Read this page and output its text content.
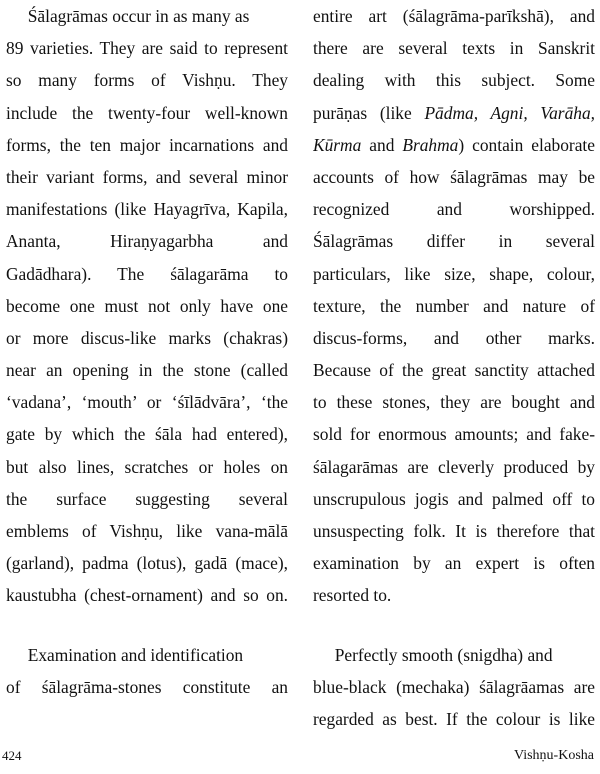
  Śālagrāmas occur in as many as
89 varieties. They are said to represent
so many forms of Vishṇu. They
include the twenty-four well-known
forms, the ten major incarnations and
their variant forms, and several minor
manifestations (like Hayagrīva, Kapila,
Ananta, Hiraṇyagarbha and
Gadādhara). The śālagarāma to
become one must not only have one
or more discus-like marks (chakras)
near an opening in the stone (called
‘vadana’, ‘mouth’ or ‘śīlādvāra’, ‘the
gate by which the śāla had entered),
but also lines, scratches or holes on
the surface suggesting several
emblems of Vishṇu, like vana-mālā
(garland), padma (lotus), gadā (mace),
kaustubha (chest-ornament) and so on.
  Examination and identification
of śālagrāma-stones constitute an
entire art (śālagrāma-parīkshā), and
there are several texts in Sanskrit
dealing with this subject. Some
purāṇas (like Pādma, Agni, Varāha,
Kūrma and Brahma) contain elaborate
accounts of how śālagrāmas may be
recognized and worshipped.
Śālagrāmas differ in several
particulars, like size, shape, colour,
texture, the number and nature of
discus-forms, and other marks.
Because of the great sanctity attached
to these stones, they are bought and
sold for enormous amounts; and fake-
śālagarāmas are cleverly produced by
unscrupulous jogis and palmed off to
unsuspecting folk. It is therefore that
examination by an expert is often
resorted to.
  Perfectly smooth (snigdha) and
blue-black (mechaka) śālagrāamas are
regarded as best. If the colour is like
424	Vishṇu-Kosha
